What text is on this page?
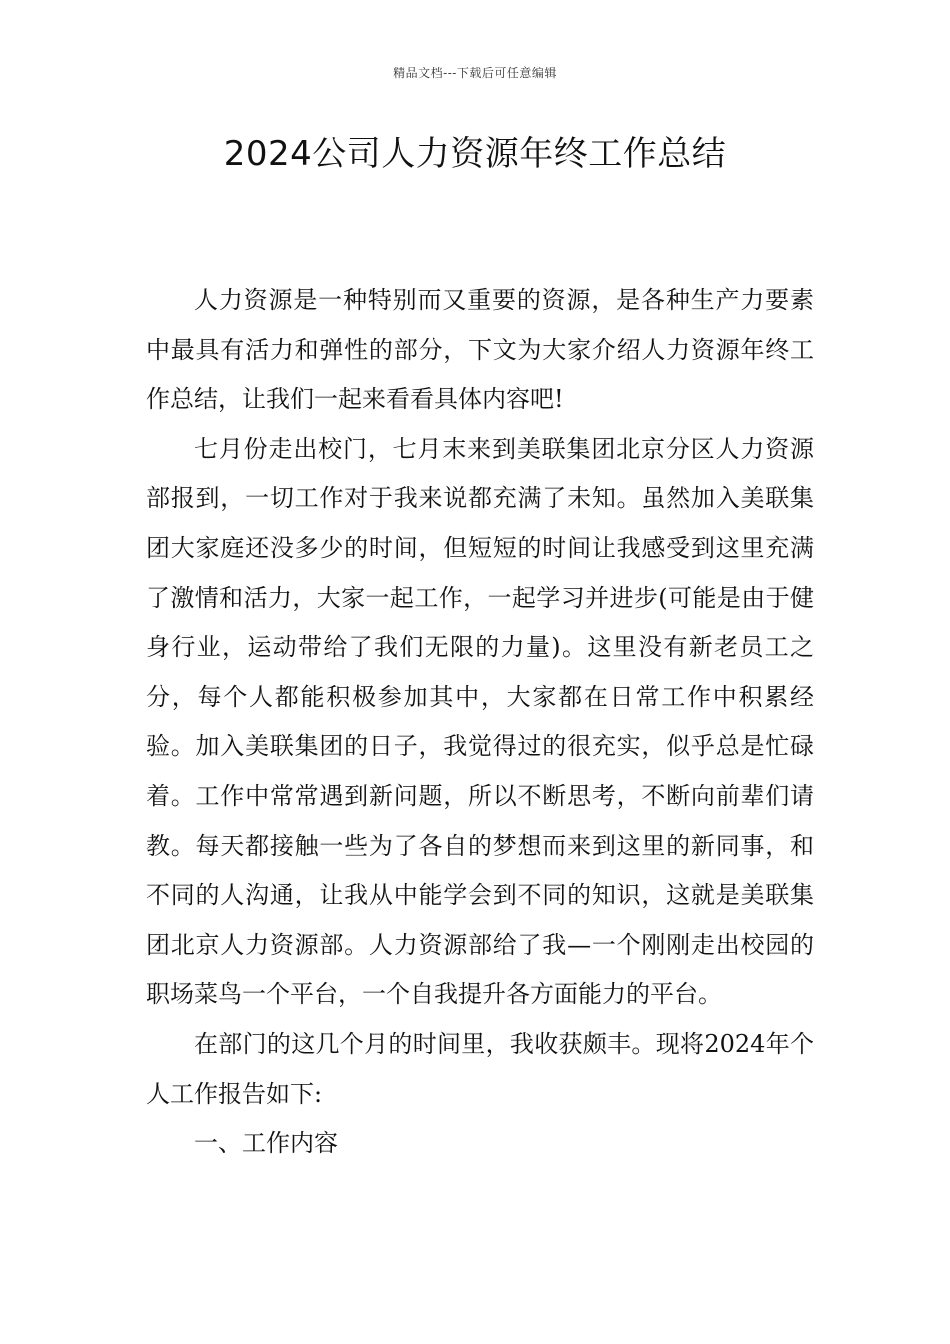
精品文档---下载后可任意编辑
2024公司人力资源年终工作总结

人力资源是一种特别而又重要的资源，是各种生产力要素中最具有活力和弹性的部分，下文为大家介绍人力资源年终工作总结，让我们一起来看看具体内容吧!

七月份走出校门，七月末来到美联集团北京分区人力资源部报到，一切工作对于我来说都充满了未知。虽然加入美联集团大家庭还没多少的时间，但短短的时间让我感受到这里充满了激情和活力，大家一起工作，一起学习并进步(可能是由于健身行业，运动带给了我们无限的力量)。这里没有新老员工之分，每个人都能积极参加其中，大家都在日常工作中积累经验。加入美联集团的日子，我觉得过的很充实，似乎总是忙碌着。工作中常常遇到新问题，所以不断思考，不断向前辈们请教。每天都接触一些为了各自的梦想而来到这里的新同事，和不同的人沟通，让我从中能学会到不同的知识，这就是美联集团北京人力资源部。人力资源部给了我—一个刚刚走出校园的职场菜鸟一个平台，一个自我提升各方面能力的平台。

在部门的这几个月的时间里，我收获颇丰。现将2024年个人工作报告如下:

一、工作内容
